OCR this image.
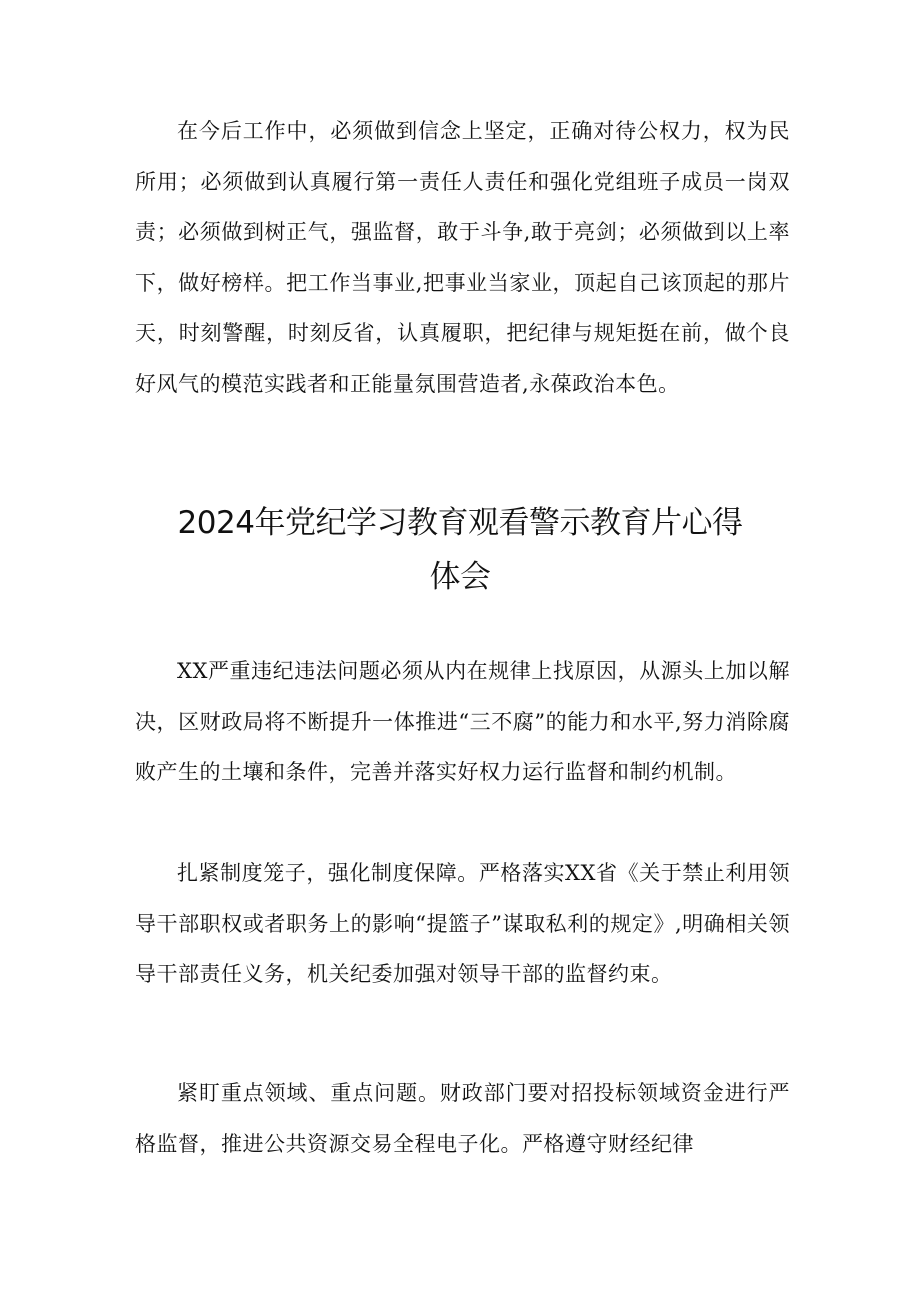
在今后工作中，必须做到信念上坚定，正确对待公权力，权为民所用；必须做到认真履行第一责任人责任和强化党组班子成员一岗双责；必须做到树正气，强监督，敢于斗争,敢于亮剑；必须做到以上率下，做好榜样。把工作当事业,把事业当家业，顶起自己该顶起的那片天，时刻警醒，时刻反省，认真履职，把纪律与规矩挺在前，做个良好风气的模范实践者和正能量氛围营造者,永葆政治本色。

2024年党纪学习教育观看警示教育片心得
体会

XX严重违纪违法问题必须从内在规律上找原因，从源头上加以解决，区财政局将不断提升一体推进“三不腐”的能力和水平,努力消除腐败产生的土壤和条件，完善并落实好权力运行监督和制约机制。

扎紧制度笼子，强化制度保障。严格落实XX省《关于禁止利用领导干部职权或者职务上的影响“提篮子”谋取私利的规定》,明确相关领导干部责任义务，机关纪委加强对领导干部的监督约束。

紧盯重点领域、重点问题。财政部门要对招投标领域资金进行严格监督，推进公共资源交易全程电子化。严格遵守财经纪律
